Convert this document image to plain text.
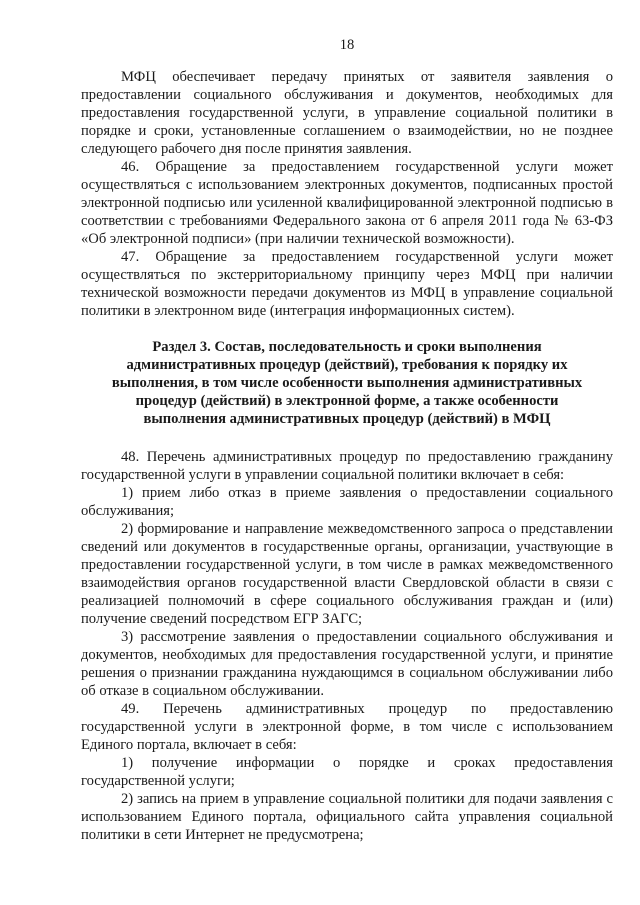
18

МФЦ обеспечивает передачу принятых от заявителя заявления о предоставлении социального обслуживания и документов, необходимых для предоставления государственной услуги, в управление социальной политики в порядке и сроки, установленные соглашением о взаимодействии, но не позднее следующего рабочего дня после принятия заявления.

46. Обращение за предоставлением государственной услуги может осуществляться с использованием электронных документов, подписанных простой электронной подписью или усиленной квалифицированной электронной подписью в соответствии с требованиями Федерального закона от 6 апреля 2011 года № 63-ФЗ «Об электронной подписи» (при наличии технической возможности).

47. Обращение за предоставлением государственной услуги может осуществляться по экстерриториальному принципу через МФЦ при наличии технической возможности передачи документов из МФЦ в управление социальной политики в электронном виде (интеграция информационных систем).

Раздел 3. Состав, последовательность и сроки выполнения административных процедур (действий), требования к порядку их выполнения, в том числе особенности выполнения административных процедур (действий) в электронной форме, а также особенности выполнения административных процедур (действий) в МФЦ

48. Перечень административных процедур по предоставлению гражданину государственной услуги в управлении социальной политики включает в себя:

1) прием либо отказ в приеме заявления о предоставлении социального обслуживания;

2) формирование и направление межведомственного запроса о представлении сведений или документов в государственные органы, организации, участвующие в предоставлении государственной услуги, в том числе в рамках межведомственного взаимодействия органов государственной власти Свердловской области в связи с реализацией полномочий в сфере социального обслуживания граждан и (или) получение сведений посредством ЕГР ЗАГС;

3) рассмотрение заявления о предоставлении социального обслуживания и документов, необходимых для предоставления государственной услуги, и принятие решения о признании гражданина нуждающимся в социальном обслуживании либо об отказе в социальном обслуживании.

49. Перечень административных процедур по предоставлению государственной услуги в электронной форме, в том числе с использованием Единого портала, включает в себя:

1) получение информации о порядке и сроках предоставления государственной услуги;

2) запись на прием в управление социальной политики для подачи заявления с использованием Единого портала, официального сайта управления социальной политики в сети Интернет не предусмотрена;
